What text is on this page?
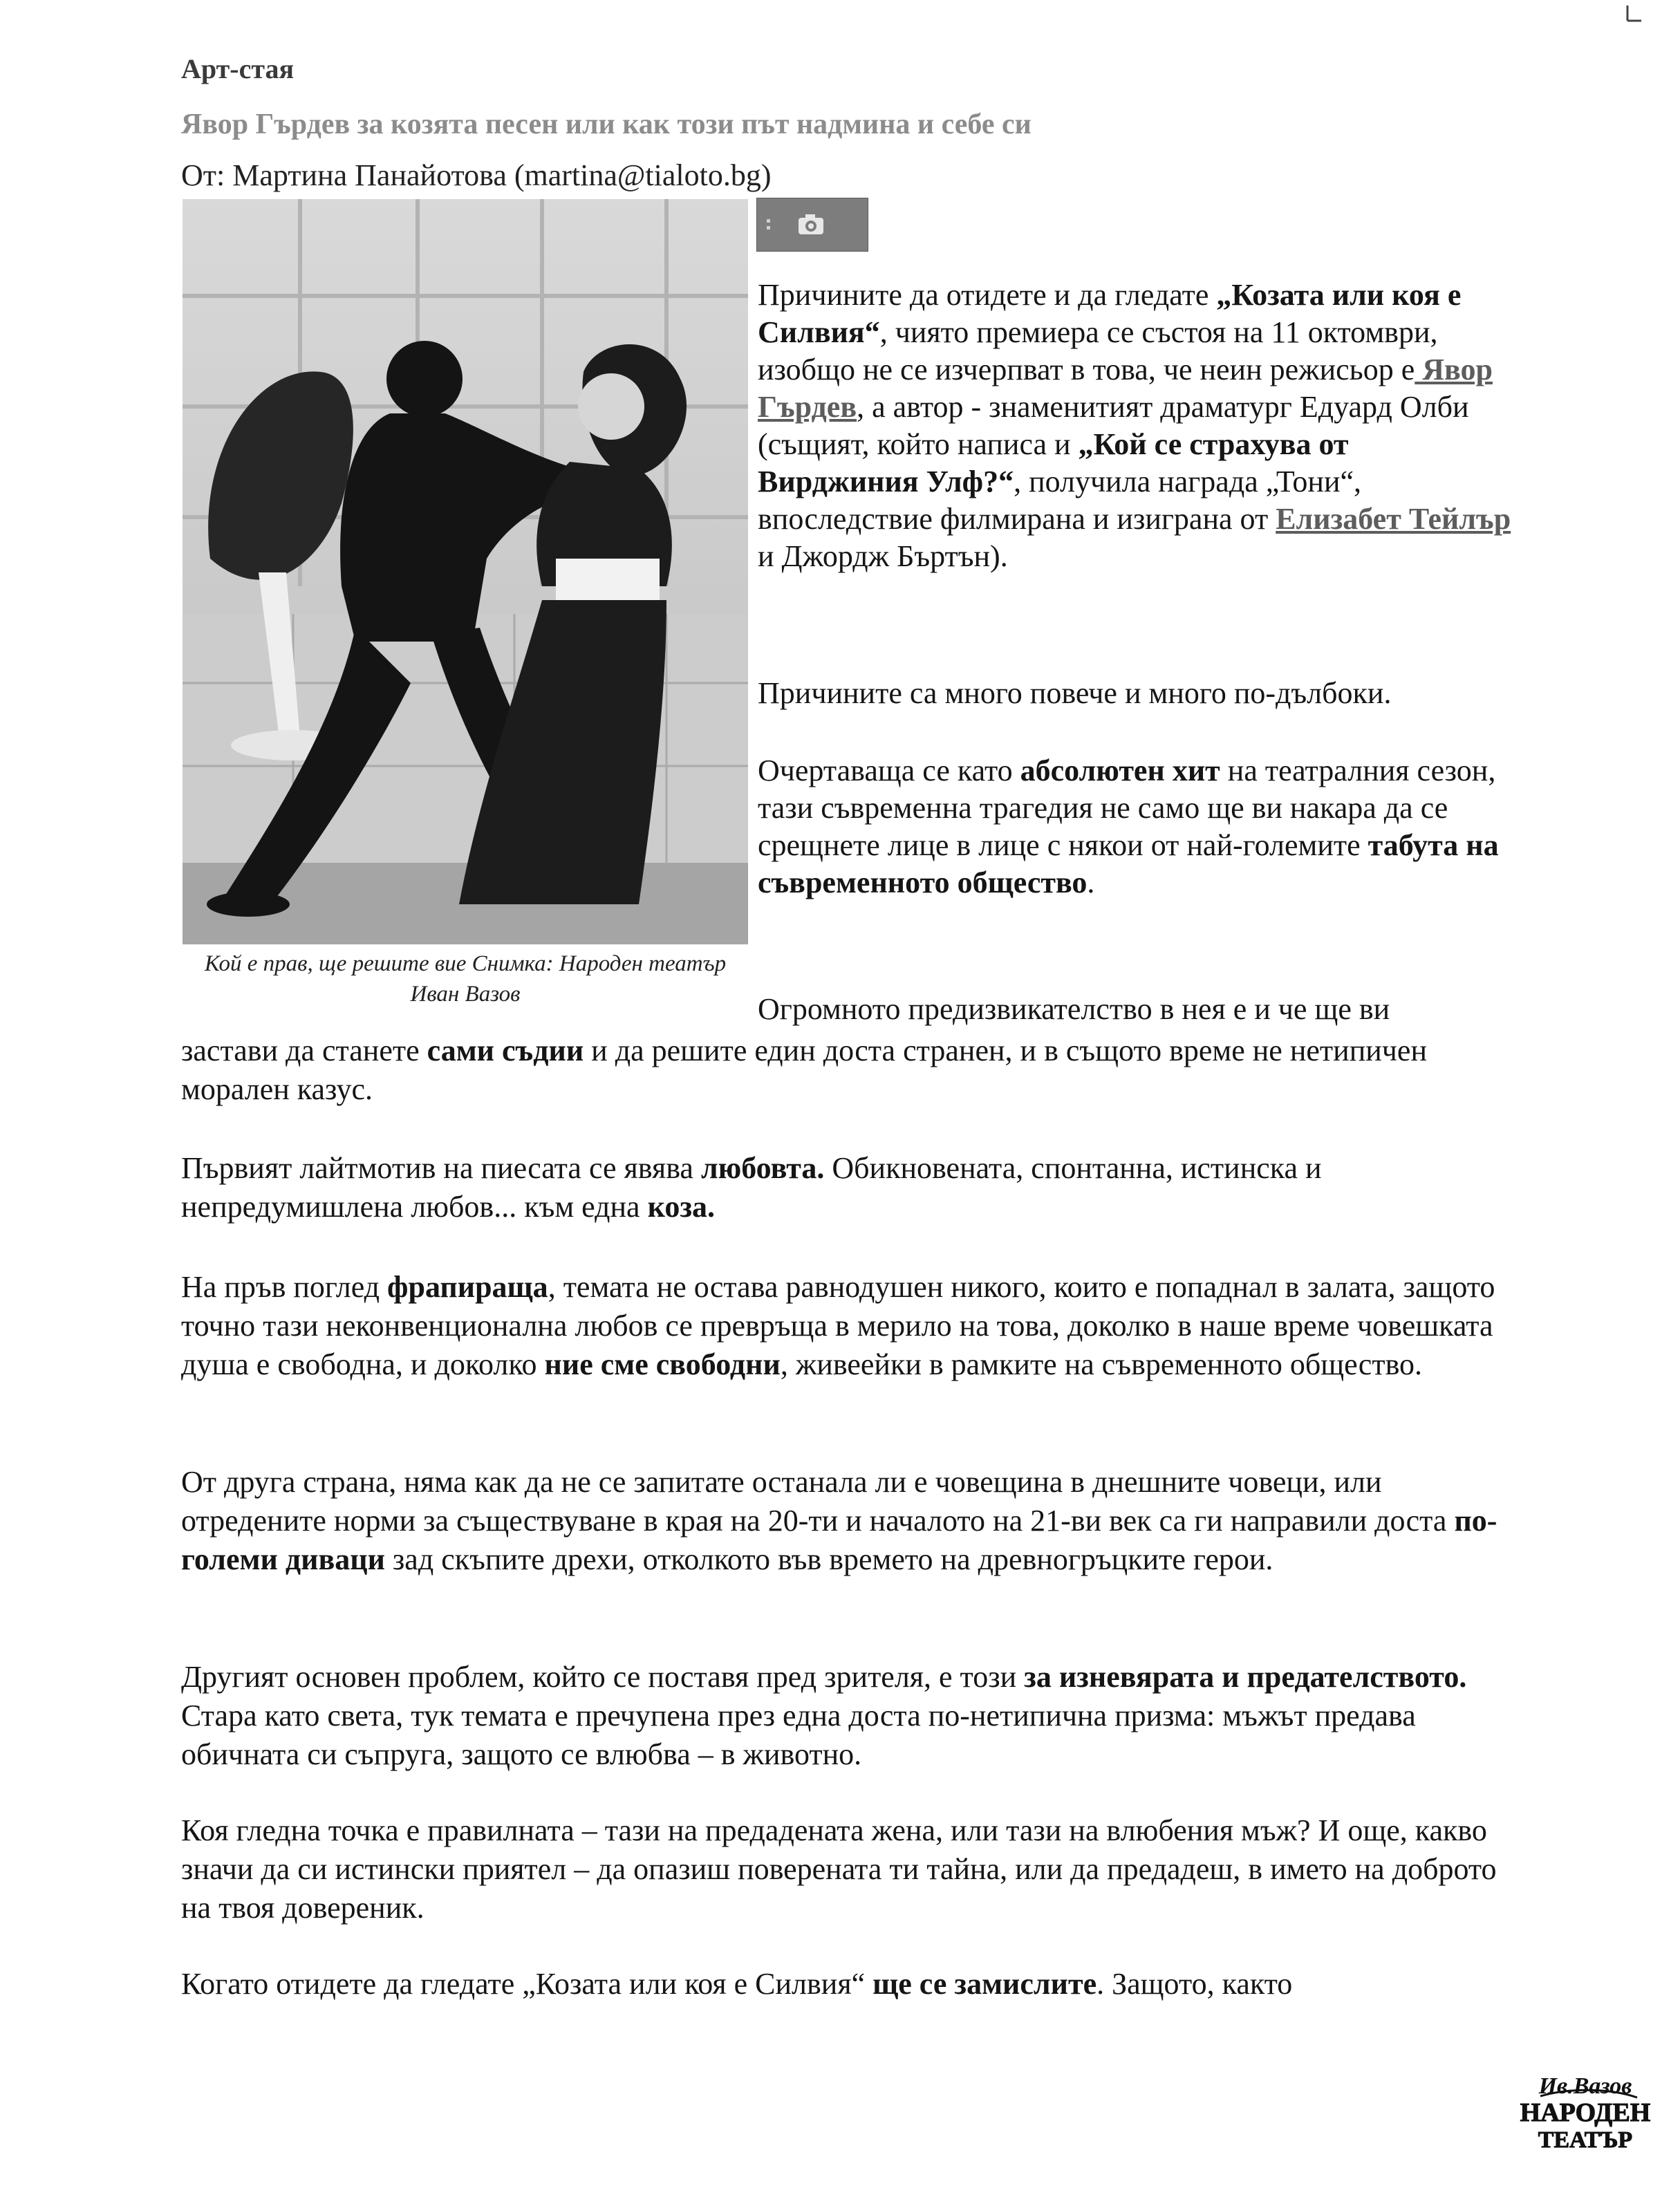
Арт-стая
Явор Гърдев за козята песен или как този път надмина и себе си
От: Мартина Панайотова (martina@tialoto.bg)
Кой е прав, ще решите вие Снимка: Народен театър Иван Вазов

Причините да отидете и да гледате „Козата или коя е Силвия“, чиято премиера се състоя на 11 октомври, изобщо не се изчерпват в това, че неин режисьор е Явор Гърдев, а автор - знаменитият драматург Едуард Олби (същият, който написа и „Кой се страхува от Вирджиния Улф?“, получила награда „Тони“, впоследствие филмирана и изиграна от Елизабет Тейлър и Джордж Бъртън).

Причините са много повече и много по-дълбоки.

Очертаваща се като абсолютен хит на театралния сезон, тази съвременна трагедия не само ще ви накара да се срещнете лице в лице с някои от най-големите табута на съвременното общество.

Огромното предизвикателство в нея е и че ще ви

застави да станете сами съдии и да решите един доста странен, и в същото време не нетипичен морален казус.

Първият лайтмотив на пиесата се явява любовта. Обикновената, спонтанна, истинска и непредумишлена любов... към една коза.

На пръв поглед фрапираща, темата не остава равнодушен никого, които е попаднал в залата, защото точно тази неконвенционална любов се превръща в мерило на това, доколко в наше време човешката душа е свободна, и доколко ние сме свободни, живеейки в рамките на съвременното общество.

От друга страна, няма как да не се запитате останала ли е човещина в днешните човеци, или отредените норми за съществуване в края на 20-ти и началото на 21-ви век са ги направили доста по-големи диваци зад скъпите дрехи, отколкото във времето на древногръцките герои.

Другият основен проблем, който се поставя пред зрителя, е този за изневярата и предателството. Стара като света, тук темата е пречупена през една доста по-нетипична призма: мъжът предава обичната си съпруга, защото се влюбва – в животно.

Коя гледна точка е правилната – тази на предадената жена, или тази на влюбения мъж? И още, какво значи да си истински приятел – да опазиш поверената ти тайна, или да предадеш, в името на доброто на твоя довереник.

Когато отидете да гледате „Козата или коя е Силвия“ ще се замислите. Защото, както

Ив.Вазов
НАРОДЕН
ТЕАТЪР
